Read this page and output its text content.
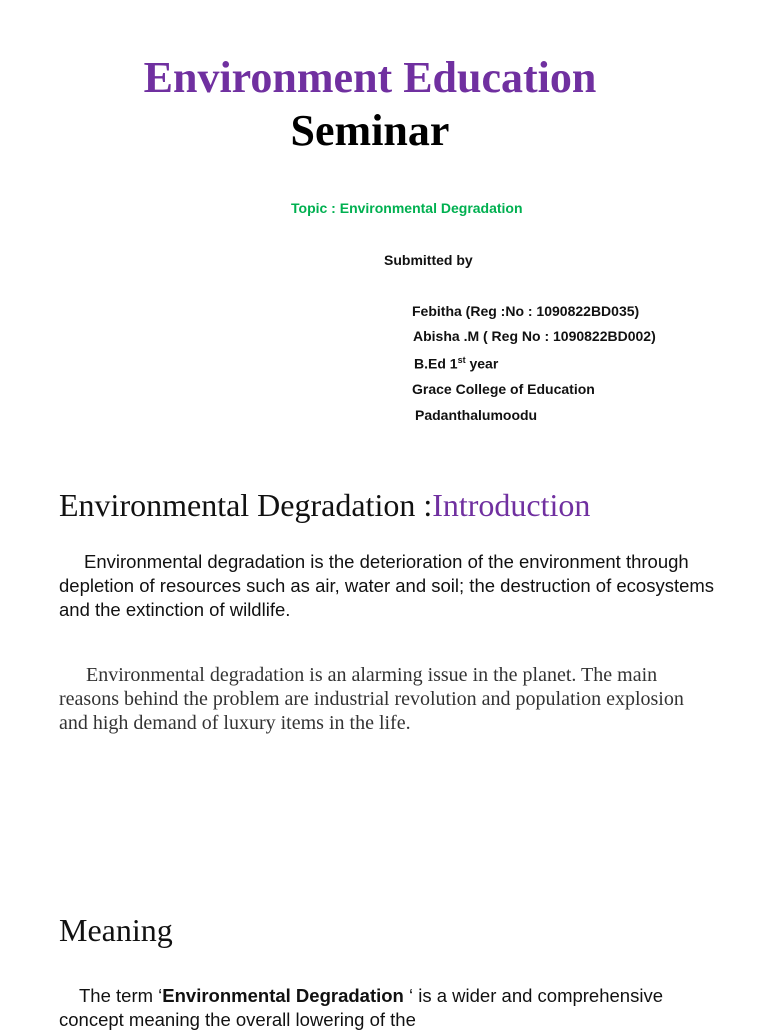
Environment Education
Seminar
Topic : Environmental Degradation
Submitted by
Febitha (Reg :No : 1090822BD035)
Abisha .M ( Reg No : 1090822BD002)
B.Ed 1st year
Grace College of Education
Padanthalumoodu
Environmental Degradation :Introduction
Environmental degradation is the deterioration of the environment through depletion of resources such as air, water and soil; the destruction of ecosystems and the extinction of wildlife.
Environmental degradation is an alarming issue in the planet. The main reasons behind the problem are industrial revolution and population explosion and high demand of luxury items in the life.
Meaning
The term ‘Environmental Degradation ‘ is a wider and comprehensive concept meaning the overall lowering of the
